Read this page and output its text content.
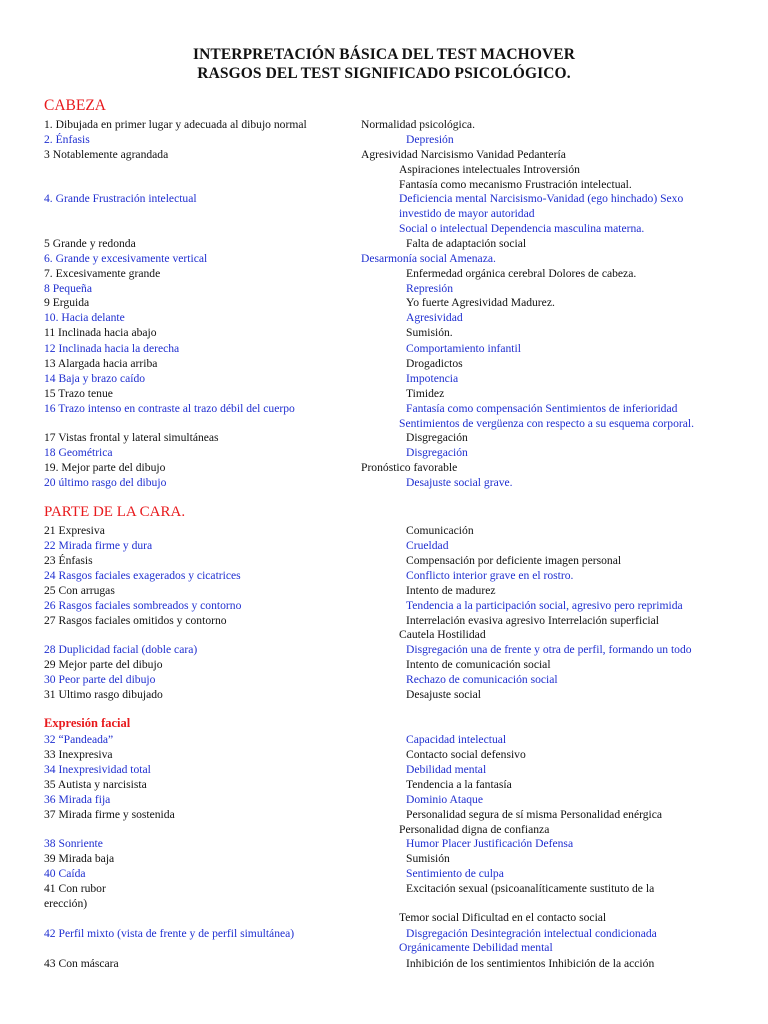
INTERPRETACIÓN BÁSICA DEL TEST MACHOVER
RASGOS DEL TEST SIGNIFICADO PSICOLÓGICO.
CABEZA
PARTE DE LA CARA.
Expresión facial
1. Dibujada en primer lugar y adecuada al dibujo normal	Normalidad psicológica.
2. Énfasis	Depresión
3 Notablemente agrandada	Agresividad Narcisismo Vanidad Pedantería
Aspiraciones intelectuales Introversión
Fantasía como mecanismo Frustración intelectual.
4. Grande Frustración intelectual	Deficiencia mental Narcisismo-Vanidad (ego hinchado) Sexo
investido de mayor autoridad
Social o intelectual Dependencia masculina materna.
5 Grande y redonda	Falta de adaptación social
6. Grande y excesivamente vertical	Desarmonía social Amenaza.
7. Excesivamente grande	Enfermedad orgánica cerebral Dolores de cabeza.
8 Pequeña	Represión
9 Erguida	Yo fuerte Agresividad Madurez.
10. Hacia delante	Agresividad
11 Inclinada hacia abajo	Sumisión.
12 Inclinada hacia la derecha	Comportamiento infantil
13 Alargada hacia arriba	Drogadictos
14 Baja y brazo caído	Impotencia
15 Trazo tenue	Timidez
16 Trazo intenso en contraste al trazo débil del cuerpo	Fantasía como compensación Sentimientos de inferioridad
Sentimientos de vergüenza con respecto a su esquema corporal.
17 Vistas frontal y lateral simultáneas	Disgregación
18 Geométrica	Disgregación
19. Mejor parte del dibujo	Pronóstico favorable
20 último rasgo del dibujo	Desajuste social grave.
21 Expresiva	Comunicación
22 Mirada firme y dura	Crueldad
23 Énfasis	Compensación por deficiente imagen personal
24 Rasgos faciales exagerados y cicatrices	Conflicto interior grave en el rostro.
25 Con arrugas	Intento de madurez
26 Rasgos faciales sombreados y contorno	Tendencia a la participación social, agresivo pero reprimida
27 Rasgos faciales omitidos y contorno	Interrelación evasiva agresivo Interrelación superficial
Cautela Hostilidad
28 Duplicidad facial (doble cara)	Disgregación una de frente y otra de perfil, formando un todo
29 Mejor parte del dibujo	Intento de comunicación social
30 Peor parte del dibujo	Rechazo de comunicación social
31 Ultimo rasgo dibujado	Desajuste social
32 “Pandeada”	Capacidad intelectual
33 Inexpresiva	Contacto social defensivo
34 Inexpresividad total	Debilidad mental
35 Autista y narcisista	Tendencia a la fantasía
36 Mirada fija	Dominio Ataque
37 Mirada firme y sostenida	Personalidad segura de sí misma Personalidad enérgica
Personalidad digna de confianza
38 Sonriente	Humor Placer Justificación Defensa
39 Mirada baja	Sumisión
40 Caída	Sentimiento de culpa
41 Con rubor	Excitación sexual (psicoanalíticamente sustituto de la
erección)
Temor social Dificultad en el contacto social
42 Perfil mixto (vista de frente y de perfil simultánea)	Disgregación Desintegración intelectual condicionada
Orgánicamente Debilidad mental
43 Con máscara	Inhibición de los sentimientos Inhibición de la acción
